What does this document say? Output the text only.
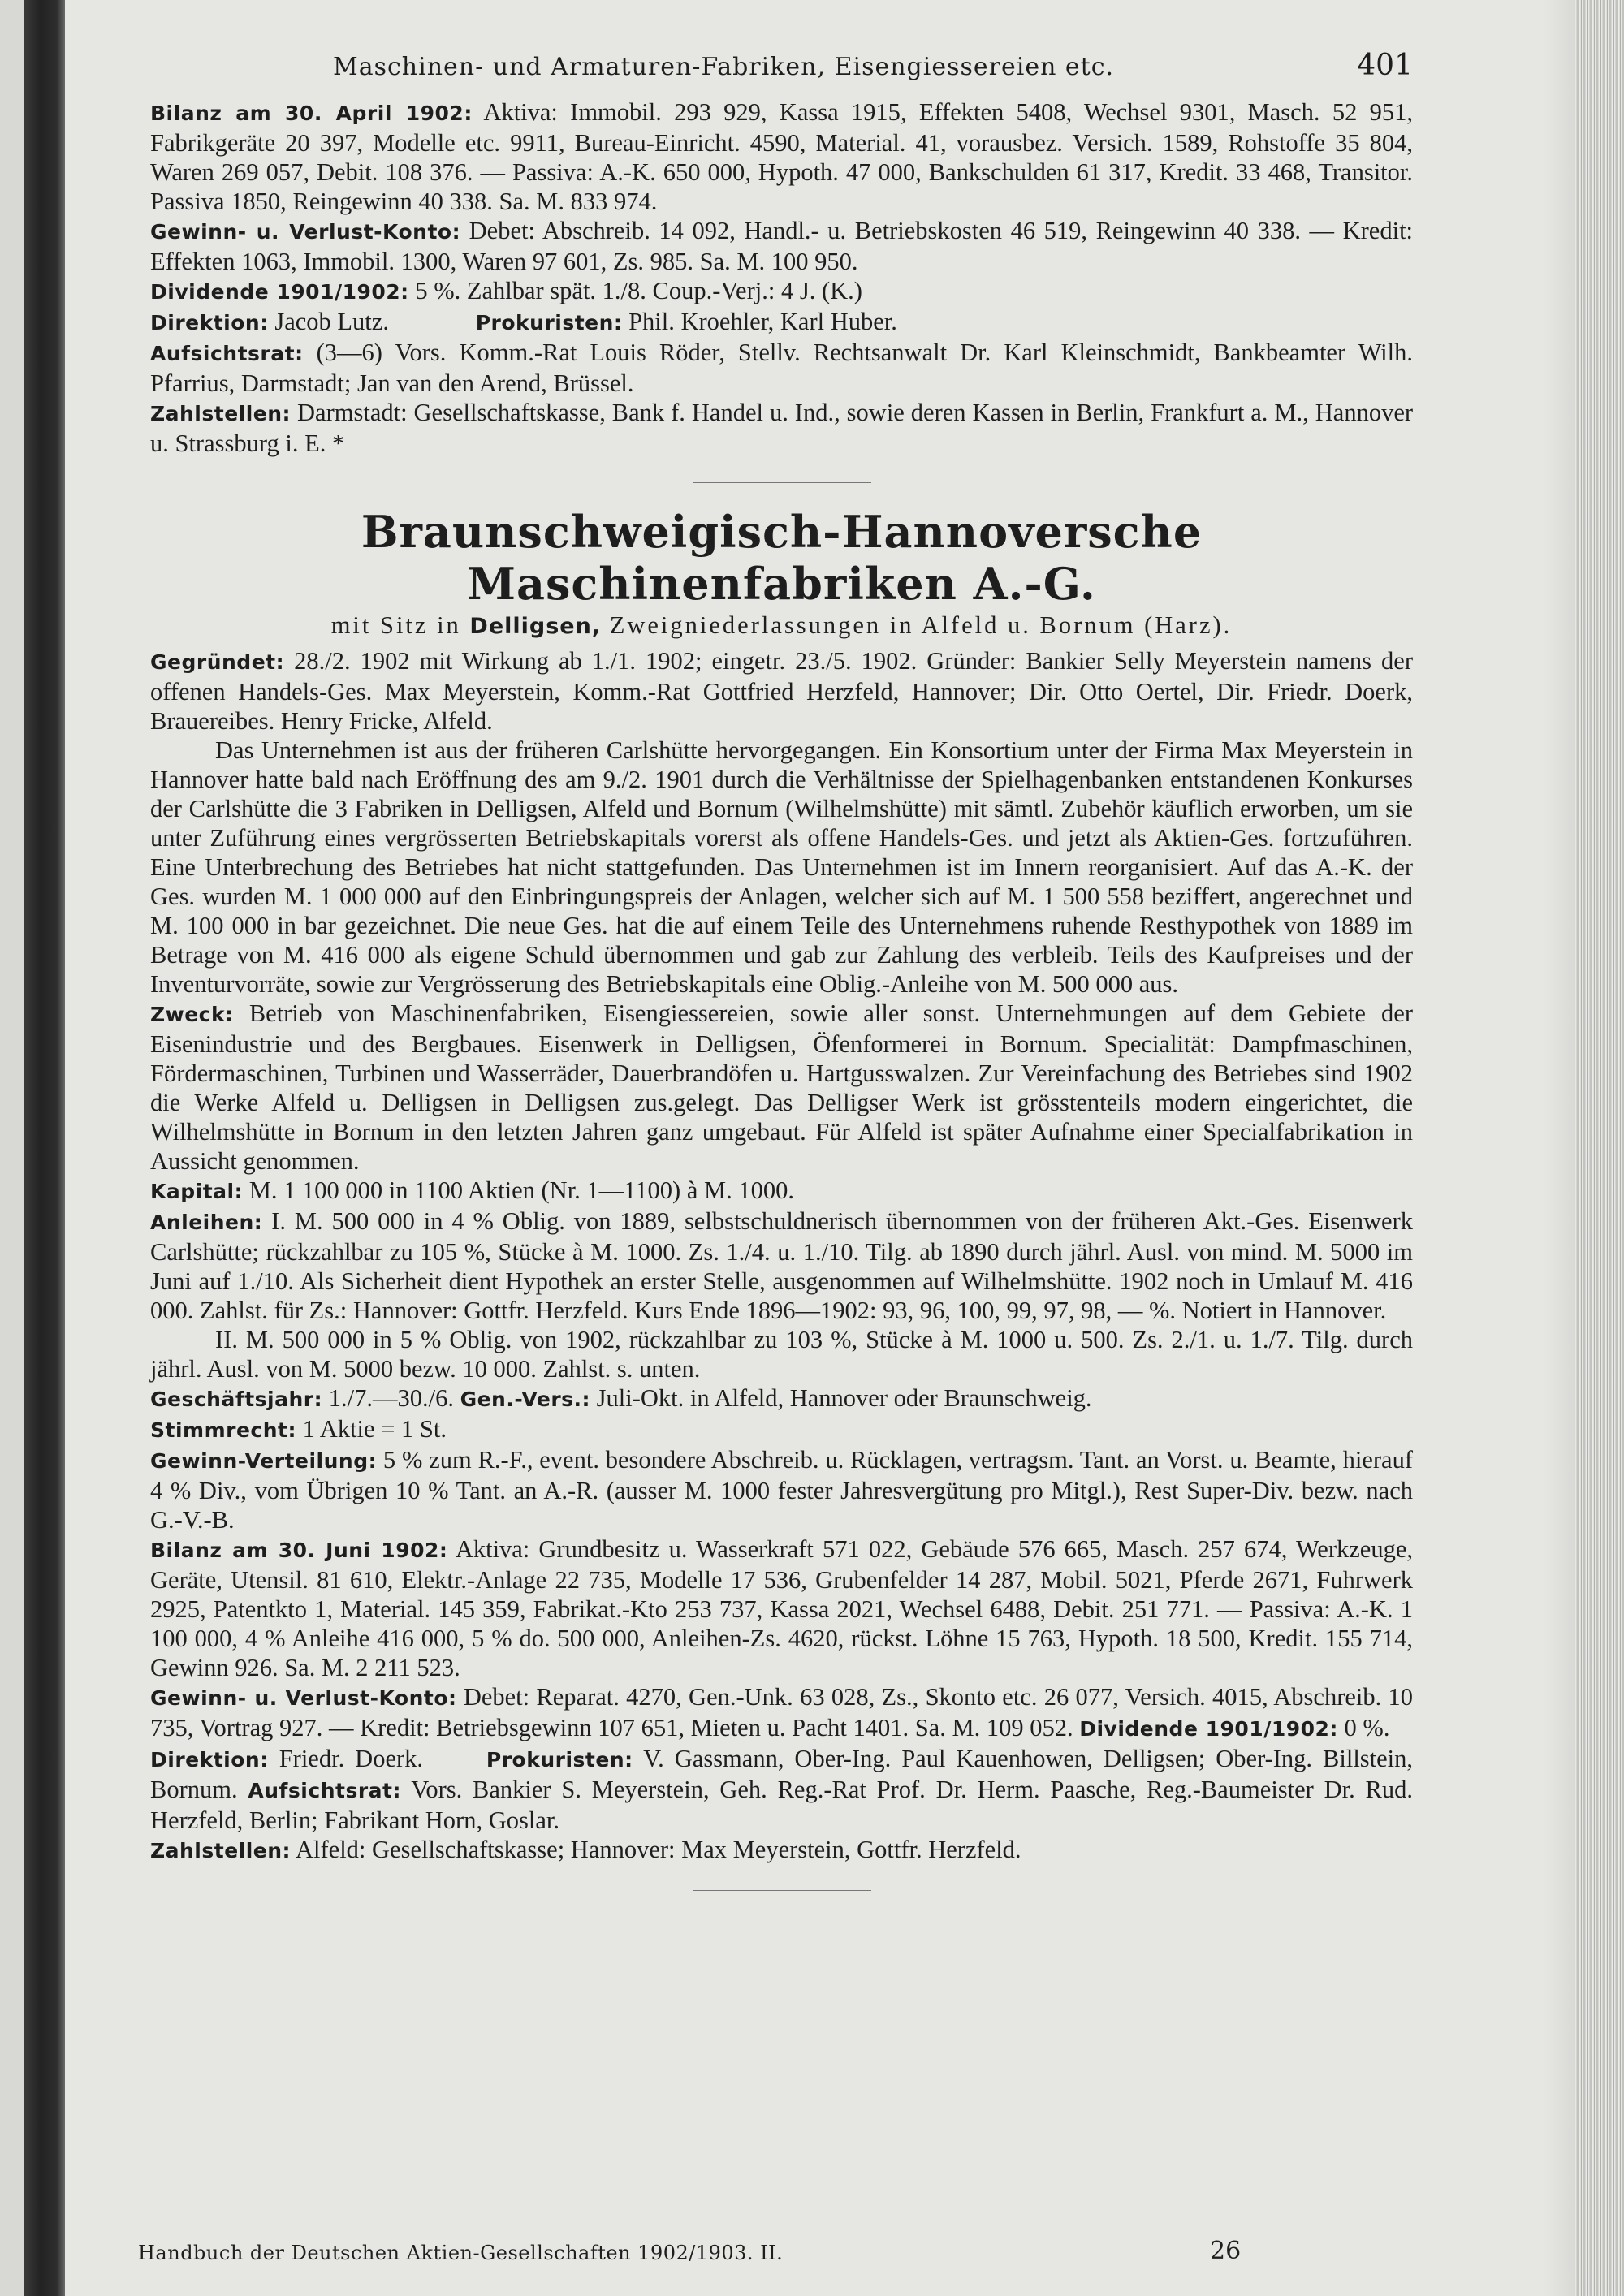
Maschinen- und Armaturen-Fabriken, Eisengiessereien etc.	401

Bilanz am 30. April 1902: Aktiva: Immobil. 293 929, Kassa 1915, Effekten 5408, Wechsel 9301, Masch. 52 951, Fabrikgeräte 20 397, Modelle etc. 9911, Bureau-Einricht. 4590, Material. 41, vorausbez. Versich. 1589, Rohstoffe 35 804, Waren 269 057, Debit. 108 376. — Passiva: A.-K. 650 000, Hypoth. 47 000, Bankschulden 61 317, Kredit. 33 468, Transitor. Passiva 1850, Reingewinn 40 338. Sa. M. 833 974.

Gewinn- u. Verlust-Konto: Debet: Abschreib. 14 092, Handl.- u. Betriebskosten 46 519, Reingewinn 40 338. — Kredit: Effekten 1063, Immobil. 1300, Waren 97 601, Zs. 985. Sa. M. 100 950.

Dividende 1901/1902: 5 %. Zahlbar spät. 1./8. Coup.-Verj.: 4 J. (K.)

Direktion: Jacob Lutz.	Prokuristen: Phil. Kroehler, Karl Huber.

Aufsichtsrat: (3—6) Vors. Komm.-Rat Louis Röder, Stellv. Rechtsanwalt Dr. Karl Kleinschmidt, Bankbeamter Wilh. Pfarrius, Darmstadt; Jan van den Arend, Brüssel.

Zahlstellen: Darmstadt: Gesellschaftskasse, Bank f. Handel u. Ind., sowie deren Kassen in Berlin, Frankfurt a. M., Hannover u. Strassburg i. E. *

Braunschweigisch-Hannoversche Maschinenfabriken A.-G.
mit Sitz in Delligsen, Zweigniederlassungen in Alfeld u. Bornum (Harz).

Gegründet: 28./2. 1902 mit Wirkung ab 1./1. 1902; eingetr. 23./5. 1902. Gründer: Bankier Selly Meyerstein namens der offenen Handels-Ges. Max Meyerstein, Komm.-Rat Gottfried Herzfeld, Hannover; Dir. Otto Oertel, Dir. Friedr. Doerk, Brauereibes. Henry Fricke, Alfeld.

Das Unternehmen ist aus der früheren Carlshütte hervorgegangen. Ein Konsortium unter der Firma Max Meyerstein in Hannover hatte bald nach Eröffnung des am 9./2. 1901 durch die Verhältnisse der Spielhagenbanken entstandenen Konkurses der Carlshütte die 3 Fabriken in Delligsen, Alfeld und Bornum (Wilhelmshütte) mit sämtl. Zubehör käuflich erworben, um sie unter Zuführung eines vergrösserten Betriebskapitals vorerst als offene Handels-Ges. und jetzt als Aktien-Ges. fortzuführen. Eine Unterbrechung des Betriebes hat nicht stattgefunden. Das Unternehmen ist im Innern reorganisiert. Auf das A.-K. der Ges. wurden M. 1 000 000 auf den Einbringungspreis der Anlagen, welcher sich auf M. 1 500 558 beziffert, angerechnet und M. 100 000 in bar gezeichnet. Die neue Ges. hat die auf einem Teile des Unternehmens ruhende Resthypothek von 1889 im Betrage von M. 416 000 als eigene Schuld übernommen und gab zur Zahlung des verbleib. Teils des Kaufpreises und der Inventurvorräte, sowie zur Vergrösserung des Betriebskapitals eine Oblig.-Anleihe von M. 500 000 aus.

Zweck: Betrieb von Maschinenfabriken, Eisengiessereien, sowie aller sonst. Unternehmungen auf dem Gebiete der Eisenindustrie und des Bergbaues. Eisenwerk in Delligsen, Öfenformerei in Bornum. Specialität: Dampfmaschinen, Fördermaschinen, Turbinen und Wasserräder, Dauerbrandöfen u. Hartgusswalzen. Zur Vereinfachung des Betriebes sind 1902 die Werke Alfeld u. Delligsen in Delligsen zus.gelegt. Das Delligser Werk ist grösstenteils modern eingerichtet, die Wilhelmshütte in Bornum in den letzten Jahren ganz umgebaut. Für Alfeld ist später Aufnahme einer Specialfabrikation in Aussicht genommen.

Kapital: M. 1 100 000 in 1100 Aktien (Nr. 1—1100) à M. 1000.

Anleihen: I. M. 500 000 in 4 % Oblig. von 1889, selbstschuldnerisch übernommen von der früheren Akt.-Ges. Eisenwerk Carlshütte; rückzahlbar zu 105 %, Stücke à M. 1000. Zs. 1./4. u. 1./10. Tilg. ab 1890 durch jährl. Ausl. von mind. M. 5000 im Juni auf 1./10. Als Sicherheit dient Hypothek an erster Stelle, ausgenommen auf Wilhelmshütte. 1902 noch in Umlauf M. 416 000. Zahlst. für Zs.: Hannover: Gottfr. Herzfeld. Kurs Ende 1896—1902: 93, 96, 100, 99, 97, 98, — %. Notiert in Hannover.

II. M. 500 000 in 5 % Oblig. von 1902, rückzahlbar zu 103 %, Stücke à M. 1000 u. 500. Zs. 2./1. u. 1./7. Tilg. durch jährl. Ausl. von M. 5000 bezw. 10 000. Zahlst. s. unten.

Geschäftsjahr: 1./7.—30./6. Gen.-Vers.: Juli-Okt. in Alfeld, Hannover oder Braunschweig.

Stimmrecht: 1 Aktie = 1 St.

Gewinn-Verteilung: 5 % zum R.-F., event. besondere Abschreib. u. Rücklagen, vertragsm. Tant. an Vorst. u. Beamte, hierauf 4 % Div., vom Übrigen 10 % Tant. an A.-R. (ausser M. 1000 fester Jahresvergütung pro Mitgl.), Rest Super-Div. bezw. nach G.-V.-B.

Bilanz am 30. Juni 1902: Aktiva: Grundbesitz u. Wasserkraft 571 022, Gebäude 576 665, Masch. 257 674, Werkzeuge, Geräte, Utensil. 81 610, Elektr.-Anlage 22 735, Modelle 17 536, Grubenfelder 14 287, Mobil. 5021, Pferde 2671, Fuhrwerk 2925, Patentkto 1, Material. 145 359, Fabrikat.-Kto 253 737, Kassa 2021, Wechsel 6488, Debit. 251 771. — Passiva: A.-K. 1 100 000, 4 % Anleihe 416 000, 5 % do. 500 000, Anleihen-Zs. 4620, rückst. Löhne 15 763, Hypoth. 18 500, Kredit. 155 714, Gewinn 926. Sa. M. 2 211 523.

Gewinn- u. Verlust-Konto: Debet: Reparat. 4270, Gen.-Unk. 63 028, Zs., Skonto etc. 26 077, Versich. 4015, Abschreib. 10 735, Vortrag 927. — Kredit: Betriebsgewinn 107 651, Mieten u. Pacht 1401. Sa. M. 109 052. Dividende 1901/1902: 0 %.

Direktion: Friedr. Doerk.	Prokuristen: V. Gassmann, Ober-Ing. Paul Kauenhowen, Delligsen; Ober-Ing. Billstein, Bornum. Aufsichtsrat: Vors. Bankier S. Meyerstein, Geh. Reg.-Rat Prof. Dr. Herm. Paasche, Reg.-Baumeister Dr. Rud. Herzfeld, Berlin; Fabrikant Horn, Goslar.

Zahlstellen: Alfeld: Gesellschaftskasse; Hannover: Max Meyerstein, Gottfr. Herzfeld.

Handbuch der Deutschen Aktien-Gesellschaften 1902/1903. II.	26
